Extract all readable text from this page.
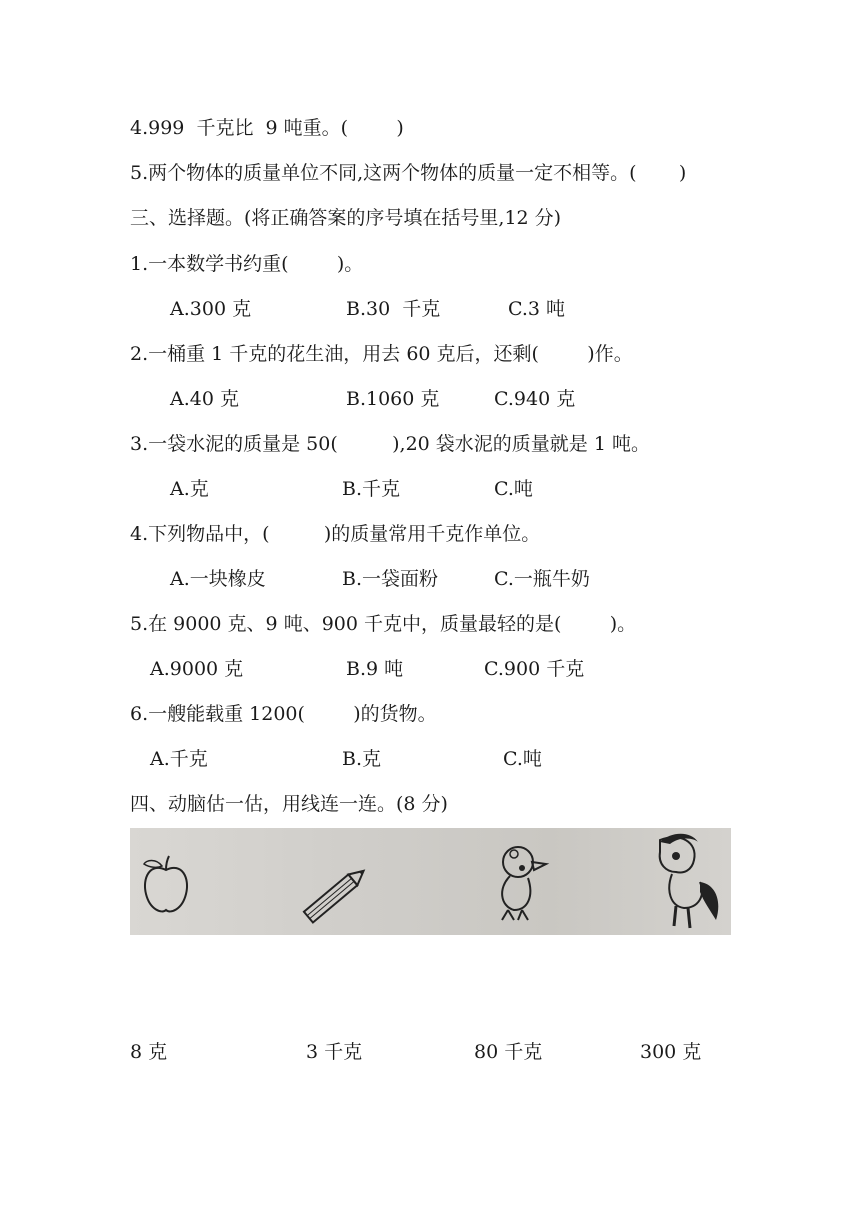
4.999  千克比  9 吨重。(        )
5.两个物体的质量单位不同,这两个物体的质量一定不相等。(       )
三、选择题。(将正确答案的序号填在括号里,12 分)
1.一本数学书约重(        )。
A.300 克	B.30  千克	C.3 吨
2.一桶重 1 千克的花生油，用去 60 克后，还剩(        )作。
A.40 克	B.1060 克	C.940 克
3.一袋水泥的质量是 50(         ),20 袋水泥的质量就是 1 吨。
A.克	B.千克	C.吨
4.下列物品中，(         )的质量常用千克作单位。
A.一块橡皮	B.一袋面粉	C.一瓶牛奶
5.在 9000 克、9 吨、900 千克中，质量最轻的是(        )。
A.9000 克	B.9 吨	C.900 千克
6.一艘能载重 1200(        )的货物。
A.千克	B.克	C.吨
四、动脑估一估，用线连一连。(8 分)
8 克	3 千克	80 千克	300 克
